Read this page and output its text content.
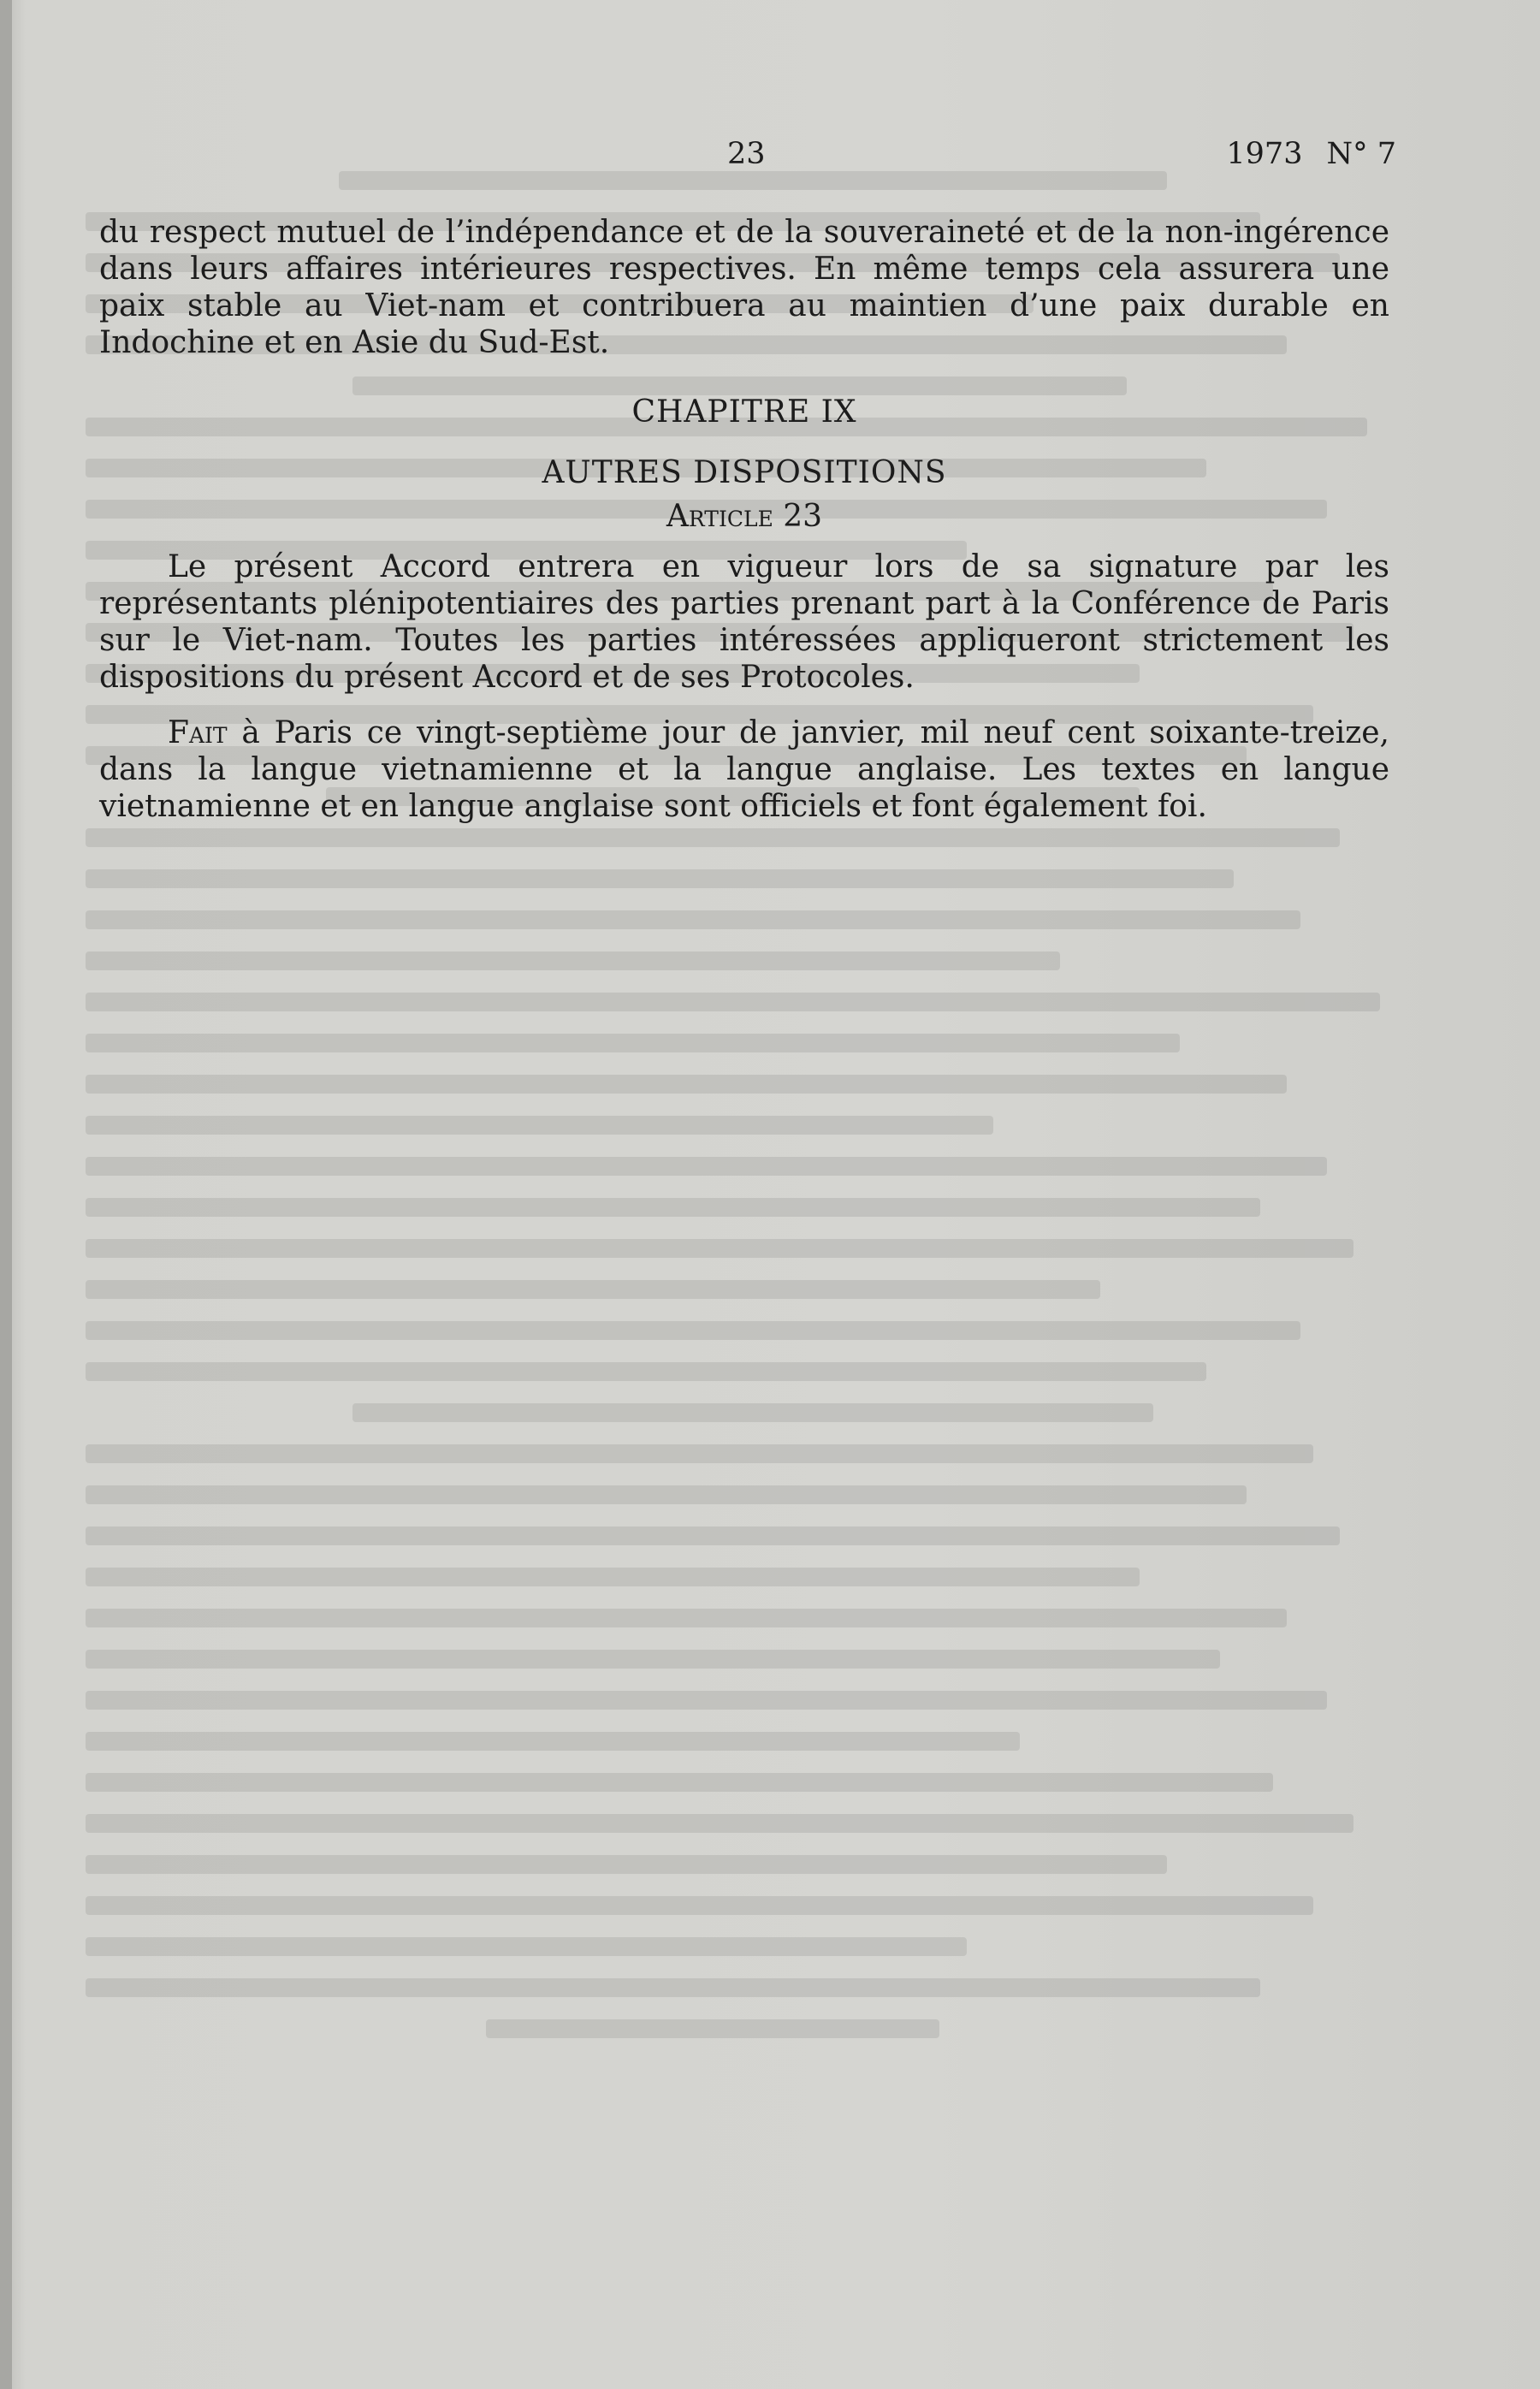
23	1973 N° 7

du respect mutuel de l’indépendance et de la souveraineté et de la non-ingérence dans leurs affaires intérieures respectives. En même temps cela assurera une paix stable au Viet-nam et contribuera au maintien d’une paix durable en Indochine et en Asie du Sud-Est.

CHAPITRE IX
AUTRES DISPOSITIONS
Article 23

Le présent Accord entrera en vigueur lors de sa signature par les représentants plénipotentiaires des parties prenant part à la Conférence de Paris sur le Viet-nam. Toutes les parties intéressées appliqueront strictement les dispositions du présent Accord et de ses Protocoles.

Fait à Paris ce vingt-septième jour de janvier, mil neuf cent soixante-treize, dans la langue vietnamienne et la langue anglaise. Les textes en langue vietnamienne et en langue anglaise sont officiels et font également foi.
